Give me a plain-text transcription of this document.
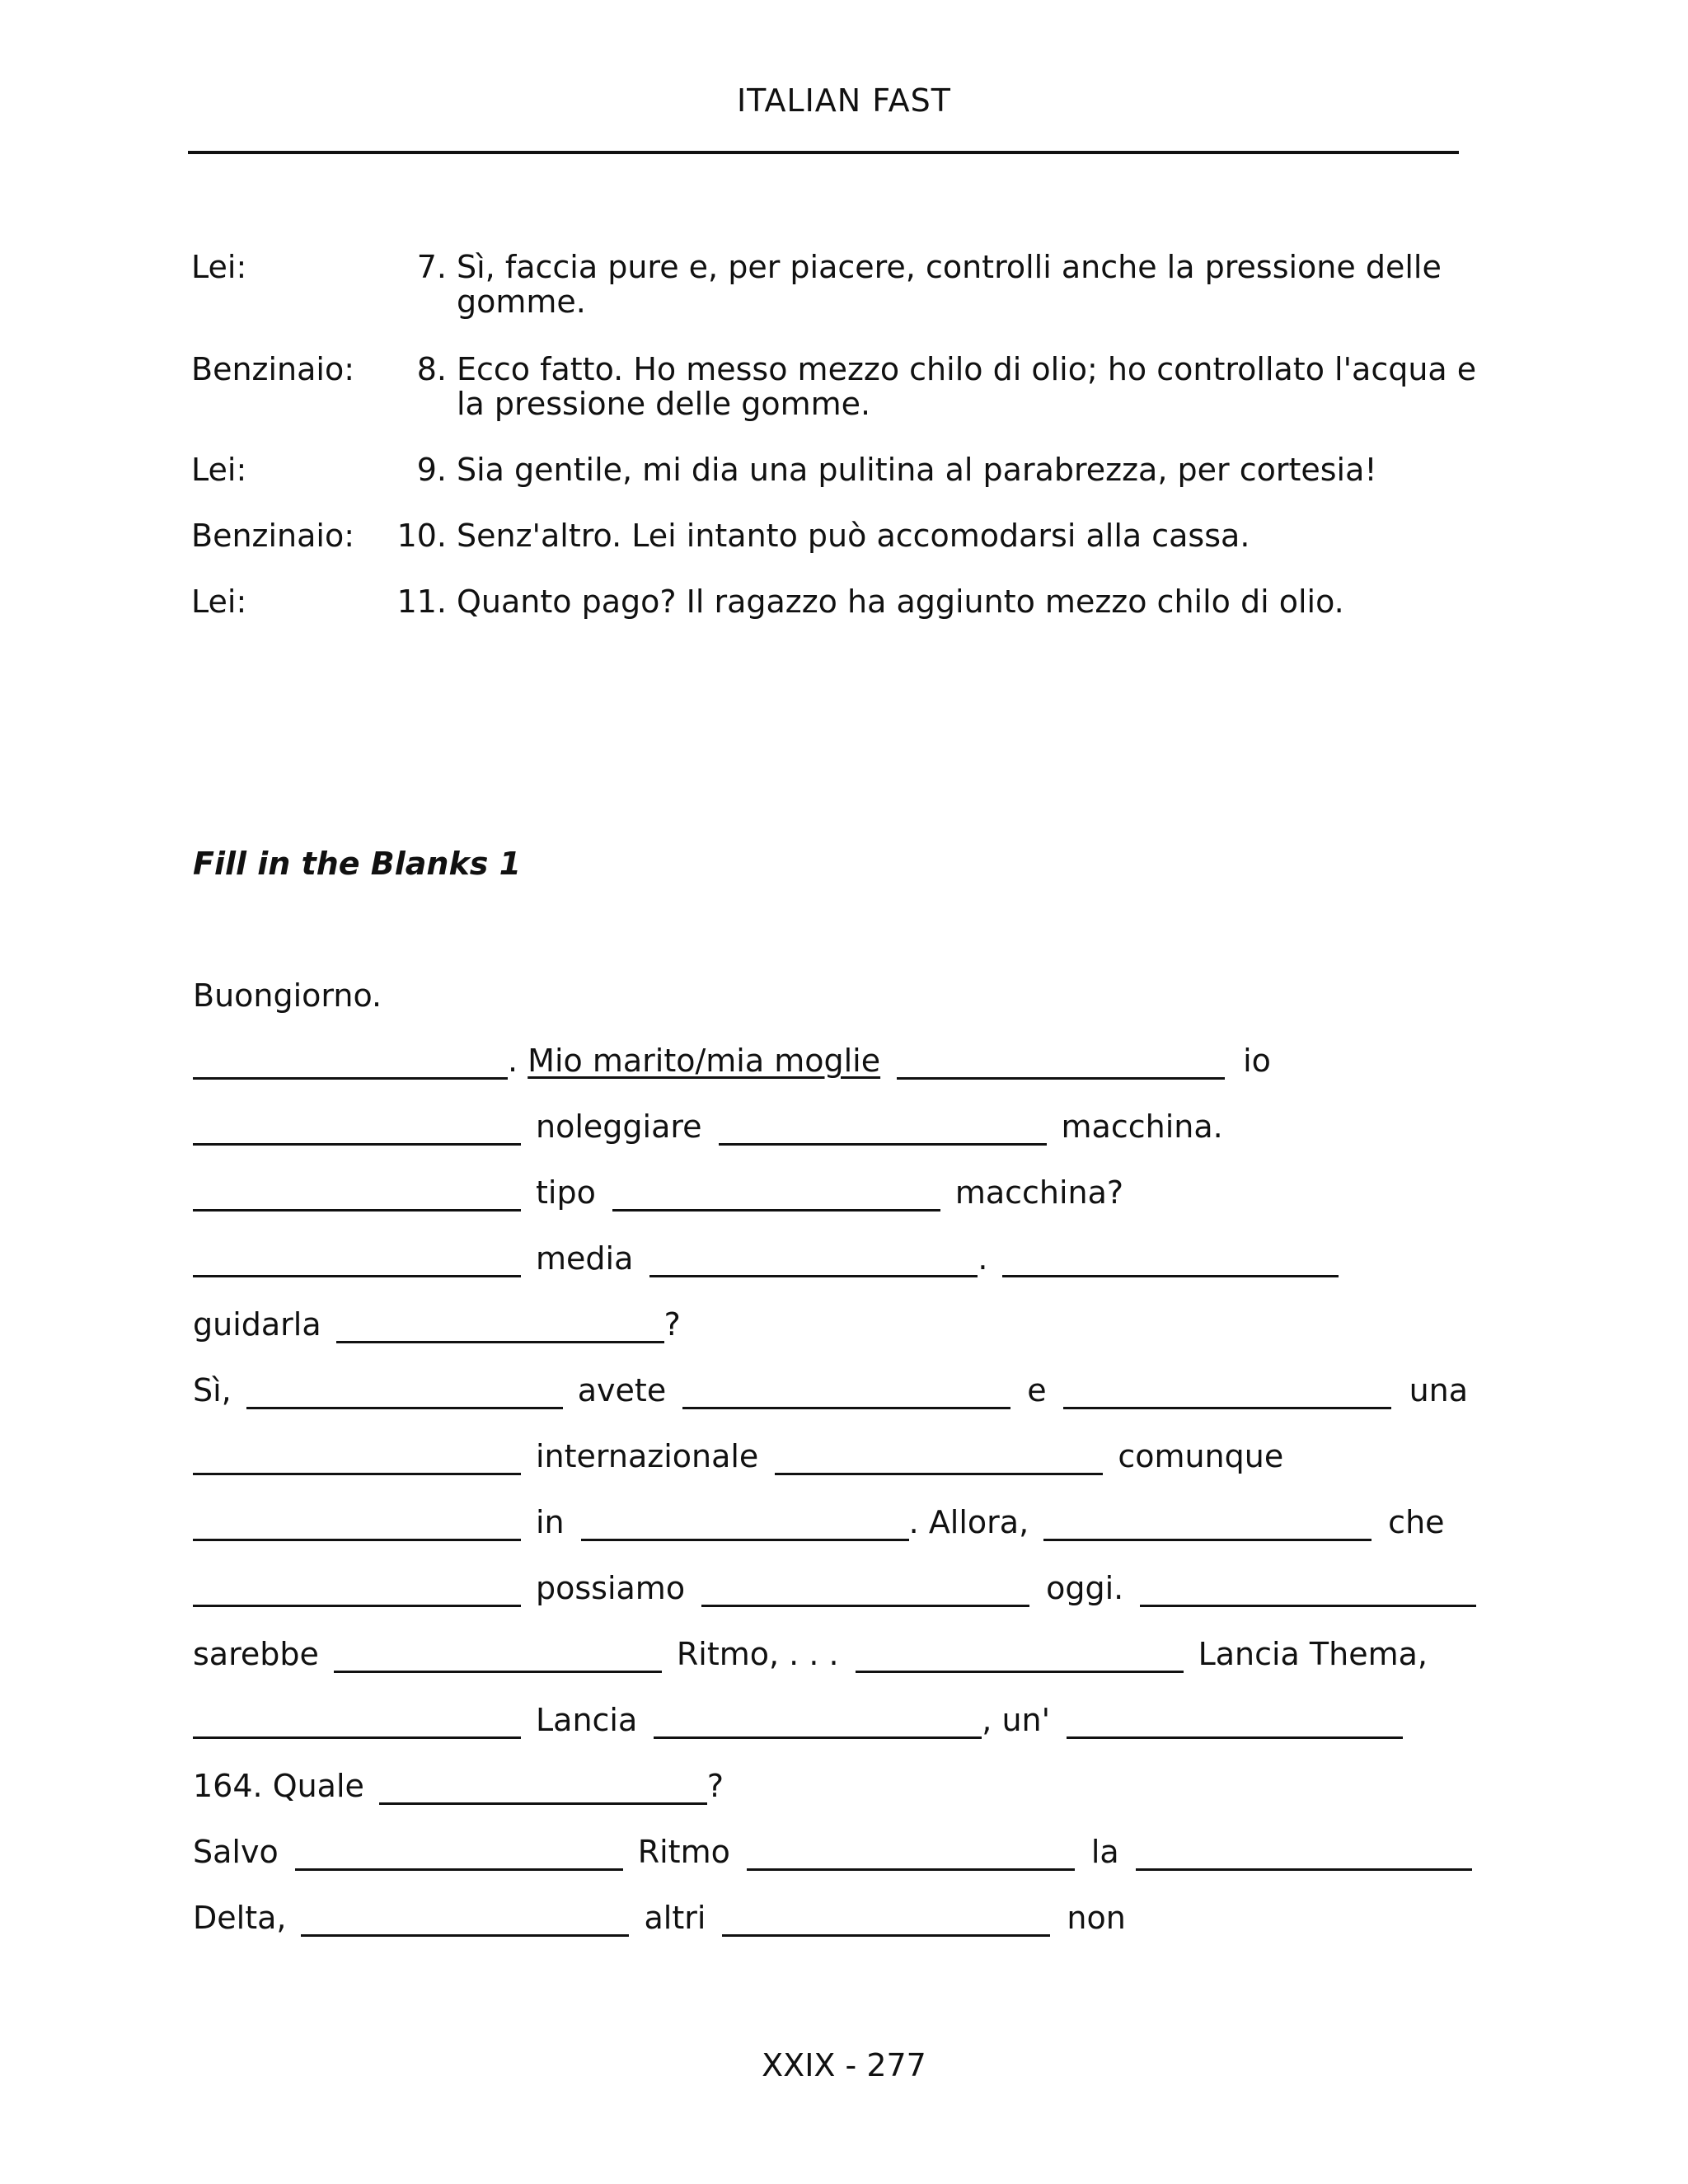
ITALIAN FAST
Lei:	7. Sì, faccia pure e, per piacere, controlli anche la pressione delle gomme.
Benzinaio:	8. Ecco fatto. Ho messo mezzo chilo di olio; ho controllato l'acqua e la pressione delle gomme.
Lei:	9. Sia gentile, mi dia una pulitina al parabrezza, per cortesia!
Benzinaio:	10. Senz'altro. Lei intanto può accomodarsi alla cassa.
Lei:	11. Quanto pago? Il ragazzo ha aggiunto mezzo chilo di olio.
Fill in the Blanks 1
Buongiorno.
. Mio marito/mia moglie	io
noleggiare	macchina.
tipo	macchina?
media	.
guidarla	?
Sì,	avete	e	una
internazionale	comunque
in	. Allora,	che
possiamo	oggi.
sarebbe	Ritmo, . . .	Lancia Thema,
Lancia	, un'
164. Quale	?
Salvo	Ritmo	la
Delta,	altri	non
XXIX - 277
